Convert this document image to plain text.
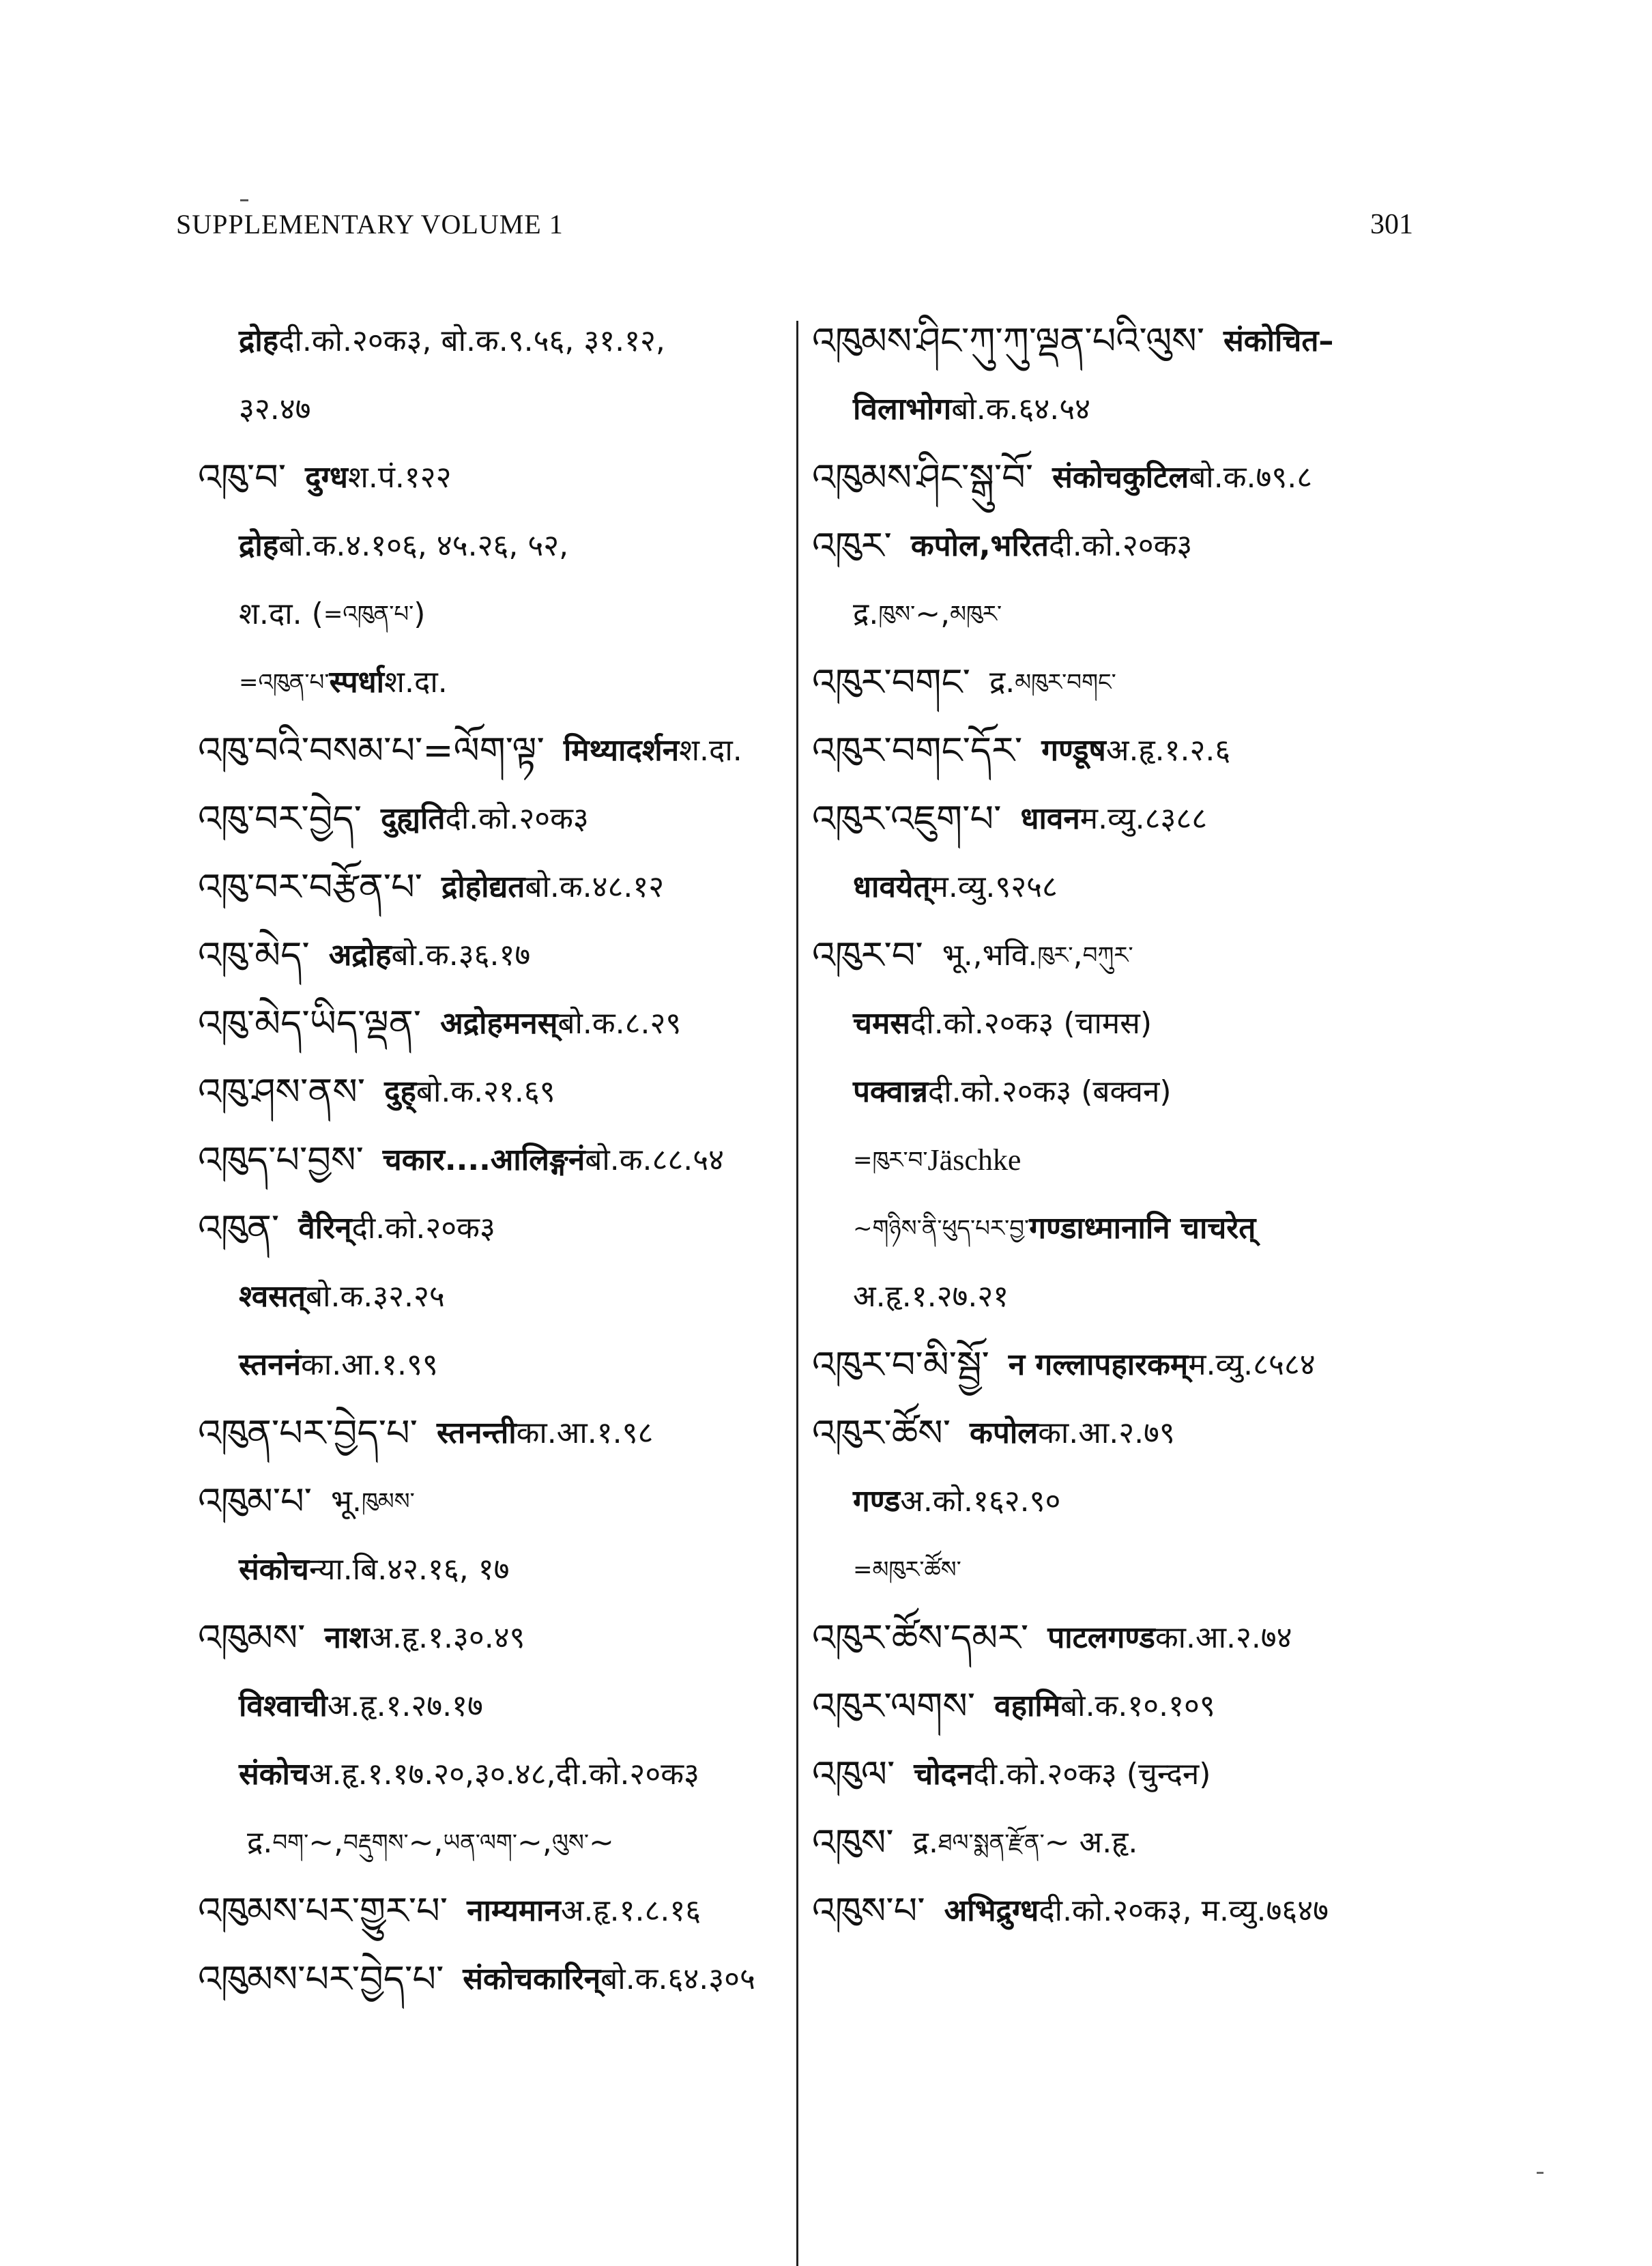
SUPPLEMENTARY VOLUME 1	301
द्रोह दी.को.२०क३, बो.क.९.५६, ३१.१२,
३२.४७
འཁུ་བ་ दुग्ध श.पं.१२२
द्रोह बो.क.४.१०६, ४५.२६, ५२,
श.दा. ( =འཁུན་པ་ )
=འཁུན་པ་ स्पर्धा श.दा.
འཁུ་བའི་བསམ་པ་=ལོག་ལྟ་ मिथ्यादर्शन श.दा.
འཁུ་བར་བྱེད་ दुह्यति दी.को.२०क३
འཁུ་བར་བརྩོན་པ་ द्रोहोद्यत बो.क.४८.१२
འཁུ་མེད་ अद्रोह बो.क.३६.१७
འཁུ་མེད་ཡིད་ལྡན་ अद्रोहमनस् बो.क.८.२९
འཁུ་ཤས་ནས་ दुह् बो.क.२१.६९
འཁུད་པ་བྱས་ चकार....आलिङ्गनं बो.क.८८.५४
འཁུན་ वैरिन् दी.को.२०क३
श्वसत् बो.क.३२.२५
स्तननं का.आ.१.९९
འཁུན་པར་བྱེད་པ་ स्तनन्ती का.आ.१.९८
འཁུམ་པ་ भू. ཁུམས་
संकोच न्या.बि.४२.१६, १७
འཁུམས་ नाश अ.हृ.१.३०.४९
विश्वाची अ.हृ.१.२७.१७
संकोच अ.हृ.१.१७.२०,३०.४८,दी.को.२०क३
द्र. བག་ ~, བརྡུགས་ ~, ཡན་ལག་ ~, ལུས་ ~
འཁུམས་པར་གྱུར་པ་ नाम्यमान अ.हृ.१.८.१६
འཁུམས་པར་བྱེད་པ་ संकोचकारिन् बो.क.६४.३०५
འཁུམས་ཤིང་ཀུ་ཀུ་ལྡན་པའི་ལུས་ संकोचित–
विलाभोग बो.क.६४.५४
འཁུམས་ཤིང་སྒུ་བོ་ संकोचकुटिल बो.क.७९.८
འཁུར་ कपोल, भरित दी.को.२०क३
द्र. ཁུས་ ~, མཁུར་
འཁུར་བགང་ द्र. མཁུར་བགང་
འཁུར་བགང་དོར་ गण्डूष अ.हृ.१.२.६
འཁུར་འཇུག་པ་ धावन म.व्यु.८३८८
धावयेत् म.व्यु.९२५८
འཁུར་བ་ भू.,भवि. ཁུར་ , བཀུར་
चमस दी.को.२०क३ (चामस)
पक्वान्न दी.को.२०क३ (बक्वन)
=ཁུར་བ་ Jäschke
~གཉིས་ནི་ཕུད་པར་བྱ་ गण्डाध्मानानि चाचरेत्
अ.हृ.१.२७.२१
འཁུར་བ་མི་སྦྱོ་ न गल्लापहारकम् म.व्यु.८५८४
འཁུར་ཚོས་ कपोल का.आ.२.७९
गण्ड अ.को.१६२.९०
=མཁུར་ཚོས་
འཁུར་ཚོས་དམར་ पाटलगण्ड का.आ.२.७४
འཁུར་ལགས་ वहामि बो.क.१०.१०९
འཁུལ་ चोदन दी.को.२०क३ (चुन्दन)
འཁུས་ द्र. ཐལ་སྨན་རྫོན་ ~ अ.हृ.
འཁུས་པ་ अभिद्रुग्ध दी.को.२०क३, म.व्यु.७६४७
